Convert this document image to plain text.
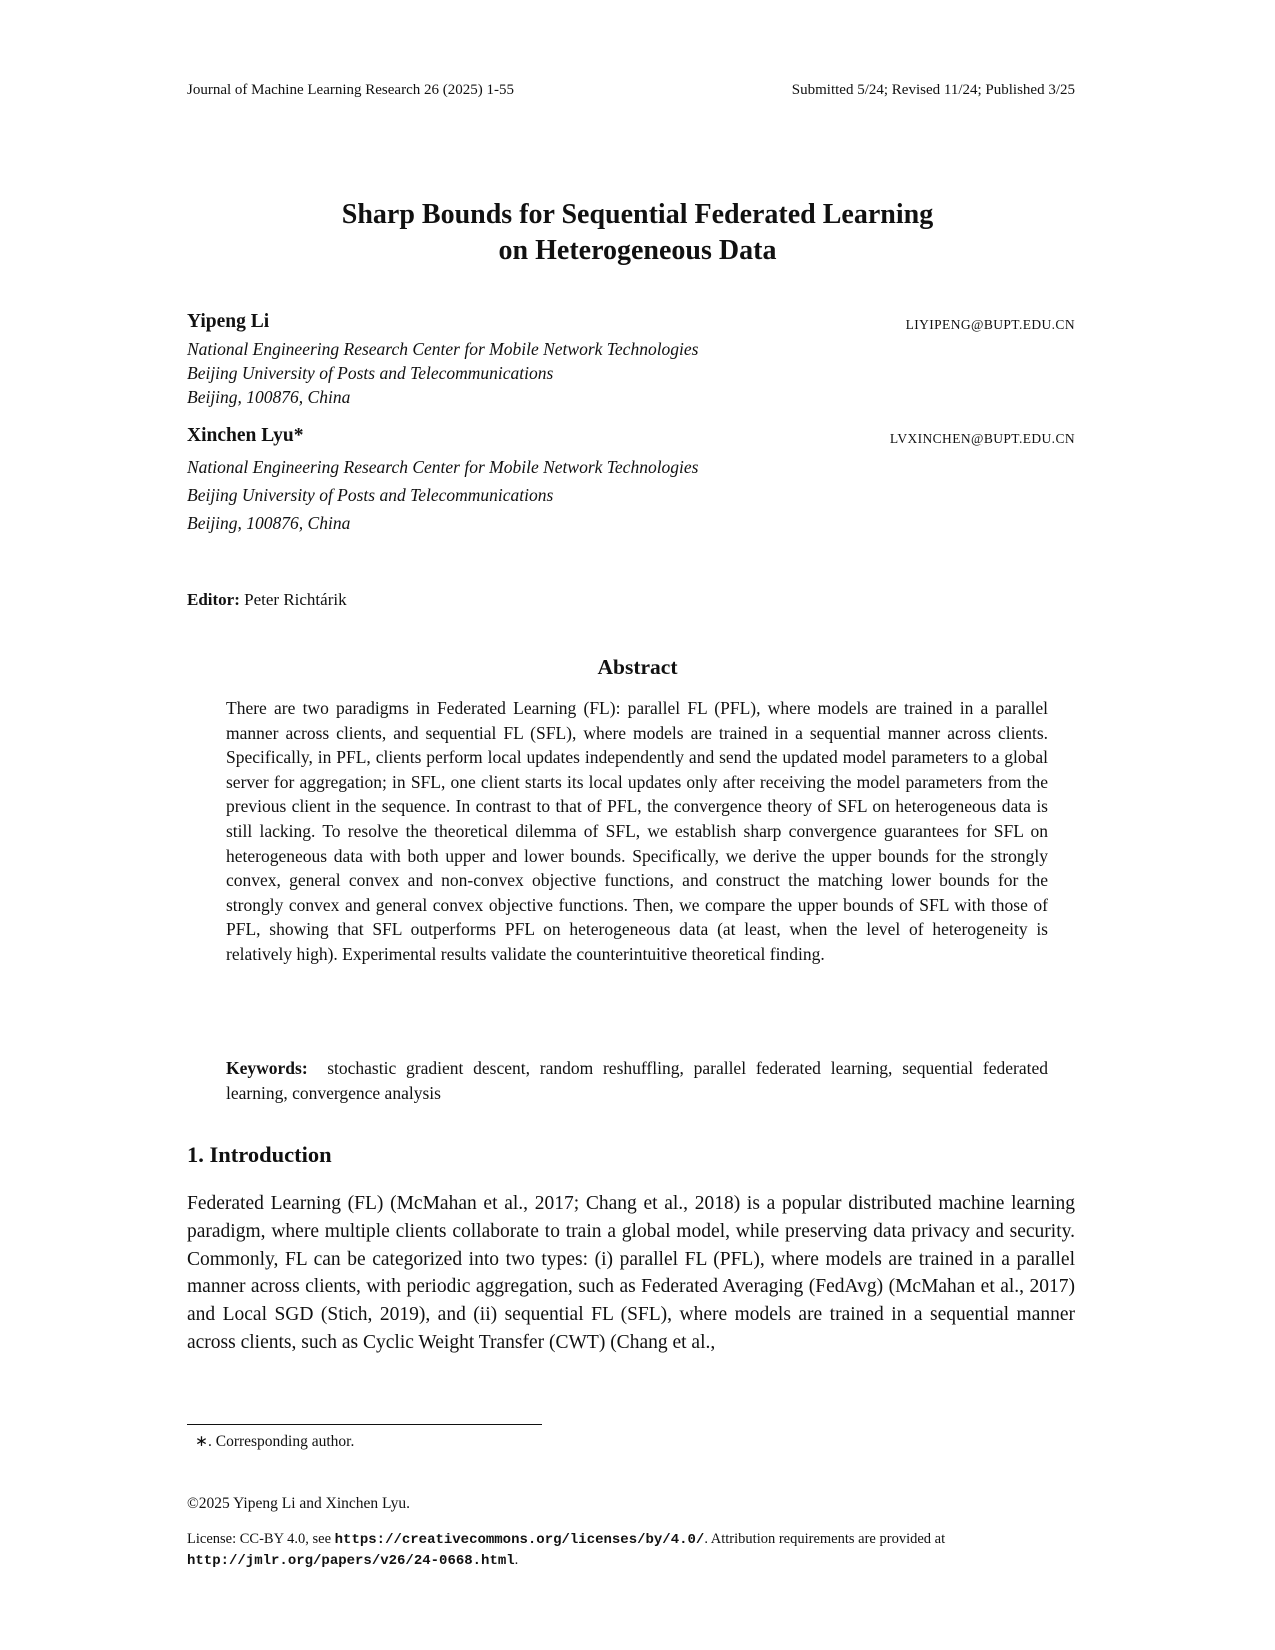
Journal of Machine Learning Research 26 (2025) 1-55	Submitted 5/24; Revised 11/24; Published 3/25
Sharp Bounds for Sequential Federated Learning
on Heterogeneous Data
Yipeng Li	LIYIPENG@BUPT.EDU.CN
National Engineering Research Center for Mobile Network Technologies
Beijing University of Posts and Telecommunications
Beijing, 100876, China
Xinchen Lyu*	LVXINCHEN@BUPT.EDU.CN
National Engineering Research Center for Mobile Network Technologies
Beijing University of Posts and Telecommunications
Beijing, 100876, China
Editor: Peter Richtárik
Abstract
There are two paradigms in Federated Learning (FL): parallel FL (PFL), where models are trained in a parallel manner across clients, and sequential FL (SFL), where models are trained in a sequential manner across clients. Specifically, in PFL, clients perform local updates independently and send the updated model parameters to a global server for aggregation; in SFL, one client starts its local updates only after receiving the model parameters from the previous client in the sequence. In contrast to that of PFL, the convergence theory of SFL on heterogeneous data is still lacking. To resolve the theoretical dilemma of SFL, we establish sharp convergence guarantees for SFL on heterogeneous data with both upper and lower bounds. Specifically, we derive the upper bounds for the strongly convex, general convex and non-convex objective functions, and construct the matching lower bounds for the strongly convex and general convex objective functions. Then, we compare the upper bounds of SFL with those of PFL, showing that SFL outperforms PFL on heterogeneous data (at least, when the level of heterogeneity is relatively high). Experimental results validate the counterintuitive theoretical finding.
Keywords: stochastic gradient descent, random reshuffling, parallel federated learning, sequential federated learning, convergence analysis
1. Introduction
Federated Learning (FL) (McMahan et al., 2017; Chang et al., 2018) is a popular distributed machine learning paradigm, where multiple clients collaborate to train a global model, while preserving data privacy and security. Commonly, FL can be categorized into two types: (i) parallel FL (PFL), where models are trained in a parallel manner across clients, with periodic aggregation, such as Federated Averaging (FedAvg) (McMahan et al., 2017) and Local SGD (Stich, 2019), and (ii) sequential FL (SFL), where models are trained in a sequential manner across clients, such as Cyclic Weight Transfer (CWT) (Chang et al.,
∗. Corresponding author.
©2025 Yipeng Li and Xinchen Lyu.
License: CC-BY 4.0, see https://creativecommons.org/licenses/by/4.0/. Attribution requirements are provided at http://jmlr.org/papers/v26/24-0668.html.
